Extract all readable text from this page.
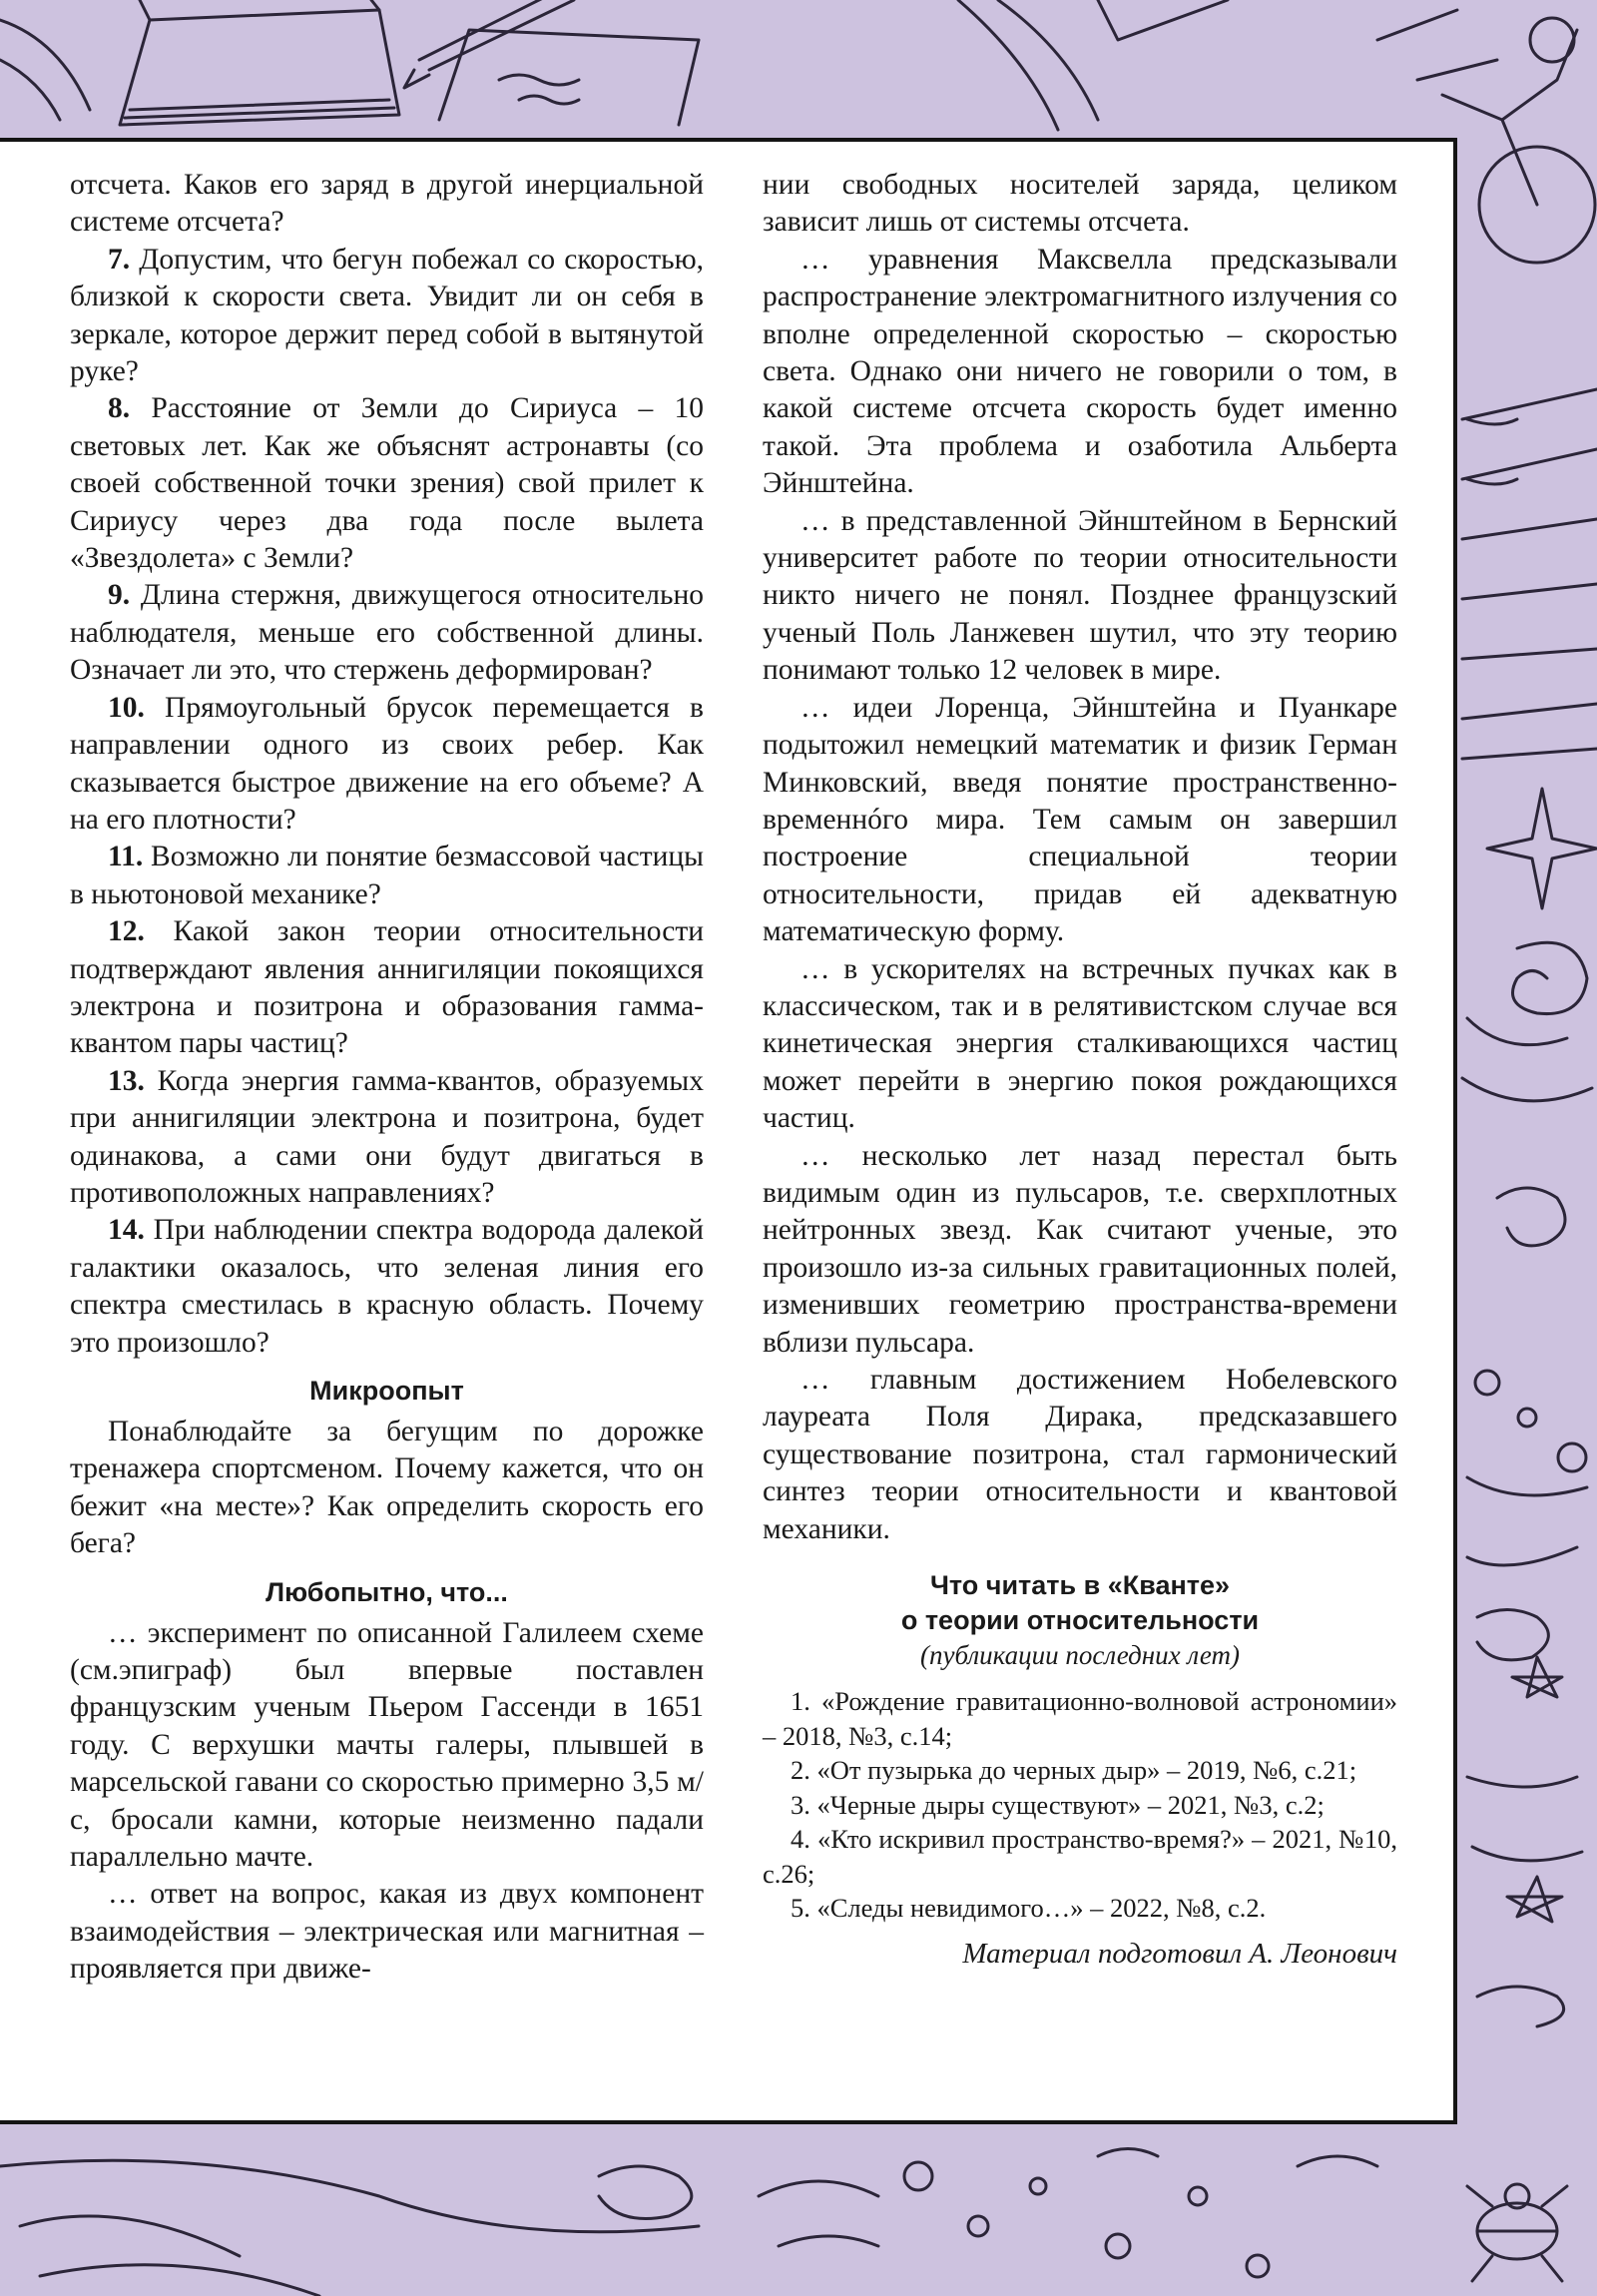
отсчета. Каков его заряд в другой инерциальной системе отсчета?

7. Допустим, что бегун побежал со скоростью, близкой к скорости света. Увидит ли он себя в зеркале, которое держит перед собой в вытянутой руке?

8. Расстояние от Земли до Сириуса – 10 световых лет. Как же объяснят астронавты (со своей собственной точки зрения) свой прилет к Сириусу через два года после вылета «Звездолета» с Земли?

9. Длина стержня, движущегося относительно наблюдателя, меньше его собственной длины. Означает ли это, что стержень деформирован?

10. Прямоугольный брусок перемещается в направлении одного из своих ребер. Как сказывается быстрое движение на его объеме? А на его плотности?

11. Возможно ли понятие безмассовой частицы в ньютоновой механике?

12. Какой закон теории относительности подтверждают явления аннигиляции покоящихся электрона и позитрона и образования гамма-квантом пары частиц?

13. Когда энергия гамма-квантов, образуемых при аннигиляции электрона и позитрона, будет одинакова, а сами они будут двигаться в противоположных направлениях?

14. При наблюдении спектра водорода далекой галактики оказалось, что зеленая линия его спектра сместилась в красную область. Почему это произошло?

Микроопыт

Понаблюдайте за бегущим по дорожке тренажера спортсменом. Почему кажется, что он бежит «на месте»? Как определить скорость его бега?

Любопытно, что...

… эксперимент по описанной Галилеем схеме (см.эпиграф) был впервые поставлен французским ученым Пьером Гассенди в 1651 году. С верхушки мачты галеры, плывшей в марсельской гавани со скоростью примерно 3,5 м/с, бросали камни, которые неизменно падали параллельно мачте.

… ответ на вопрос, какая из двух компонент взаимодействия – электрическая или магнитная – проявляется при движе-

нии свободных носителей заряда, целиком зависит лишь от системы отсчета.

… уравнения Максвелла предсказывали распространение электромагнитного излучения со вполне определенной скоростью – скоростью света. Однако они ничего не говорили о том, в какой системе отсчета скорость будет именно такой. Эта проблема и озаботила Альберта Эйнштейна.

… в представленной Эйнштейном в Бернский университет работе по теории относительности никто ничего не понял. Позднее французский ученый Поль Ланжевен шутил, что эту теорию понимают только 12 человек в мире.

… идеи Лоренца, Эйнштейна и Пуанкаре подытожил немецкий математик и физик Герман Минковский, введя понятие пространственно-временнóго мира. Тем самым он завершил построение специальной теории относительности, придав ей адекватную математическую форму.

… в ускорителях на встречных пучках как в классическом, так и в релятивистском случае вся кинетическая энергия сталкивающихся частиц может перейти в энергию покоя рождающихся частиц.

… несколько лет назад перестал быть видимым один из пульсаров, т.е. сверхплотных нейтронных звезд. Как считают ученые, это произошло из-за сильных гравитационных полей, изменивших геометрию пространства-времени вблизи пульсара.

… главным достижением Нобелевского лауреата Поля Дирака, предсказавшего существование позитрона, стал гармонический синтез теории относительности и квантовой механики.

Что читать в «Кванте»
о теории относительности
(публикации последних лет)

1. «Рождение гравитационно-волновой астрономии» – 2018, №3, с.14;

2. «От пузырька до черных дыр» – 2019, №6, с.21;

3. «Черные дыры существуют» – 2021, №3, с.2;

4. «Кто искривил пространство-время?» – 2021, №10, с.26;

5. «Следы невидимого…» – 2022, №8, с.2.

Материал подготовил А. Леонович
